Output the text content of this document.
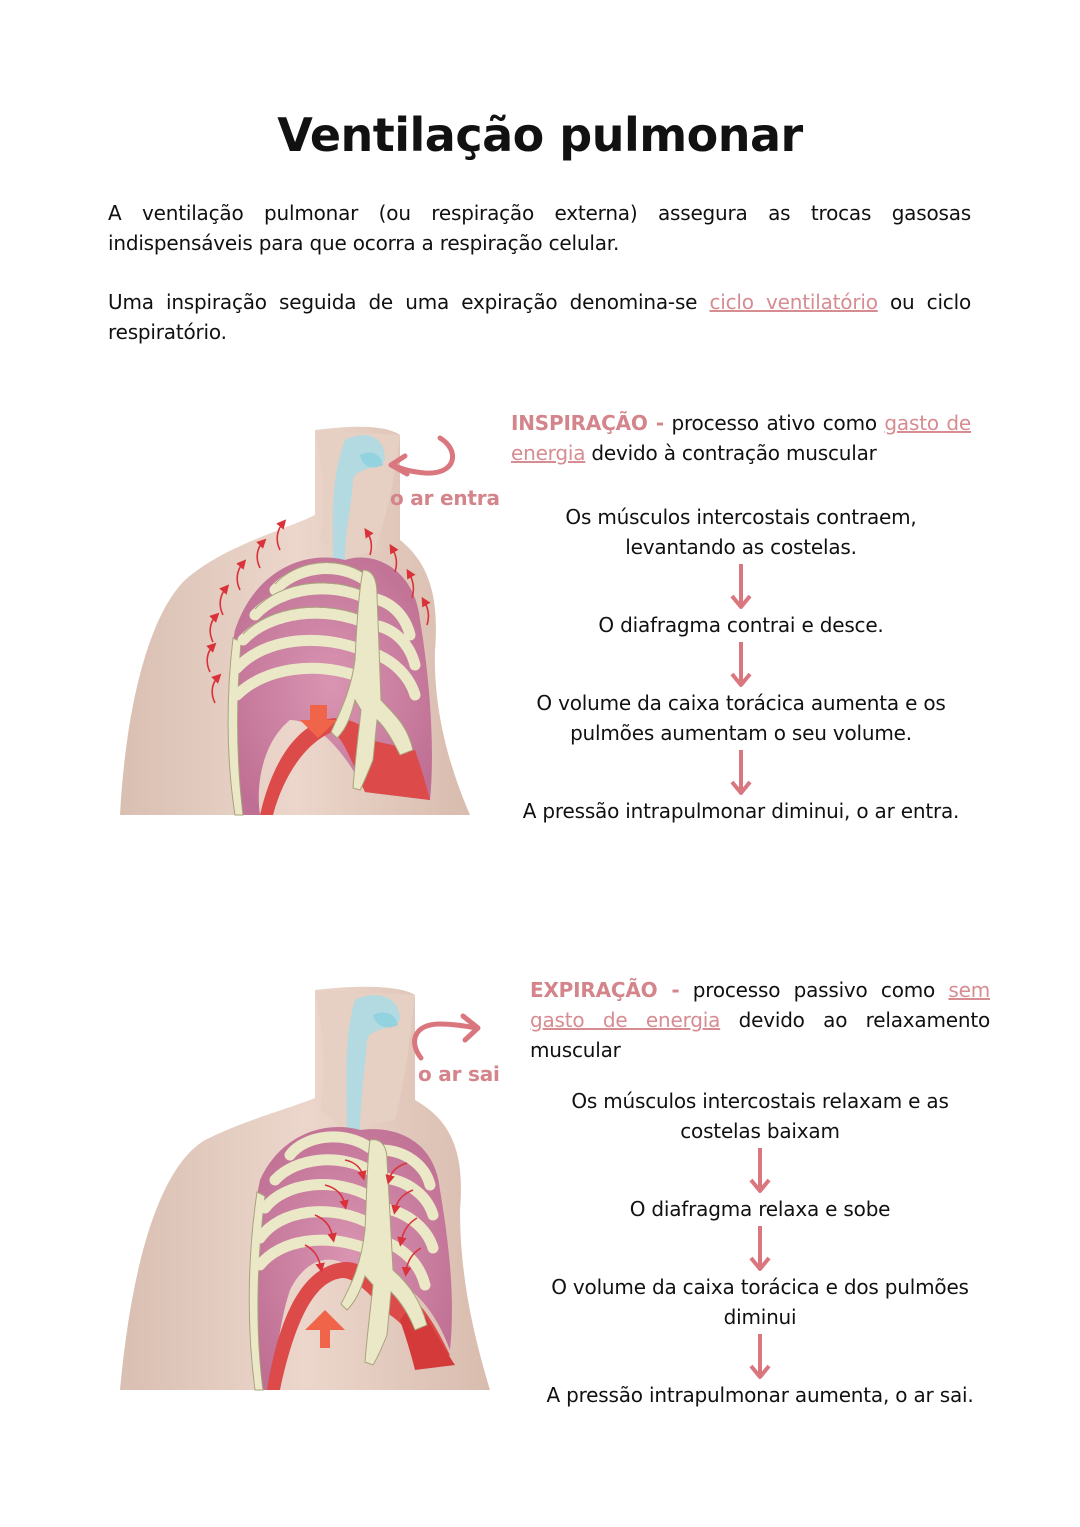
Ventilação pulmonar

A ventilação pulmonar (ou respiração externa) assegura as trocas gasosas indispensáveis para que ocorra a respiração celular.

Uma inspiração seguida de uma expiração denomina-se ciclo ventilatório ou ciclo respiratório.

o ar entra

INSPIRAÇÃO - processo ativo como gasto de energia devido à contração muscular

Os músculos intercostais contraem, levantando as costelas.

O diafragma contrai e desce.

O volume da caixa torácica aumenta e os pulmões aumentam o seu volume.

A pressão intrapulmonar diminui, o ar entra.

o ar sai

EXPIRAÇÃO - processo passivo como sem gasto de energia devido ao relaxamento muscular

Os músculos intercostais relaxam e as costelas baixam

O diafragma relaxa e sobe

O volume da caixa torácica e dos pulmões diminui

A pressão intrapulmonar aumenta, o ar sai.
